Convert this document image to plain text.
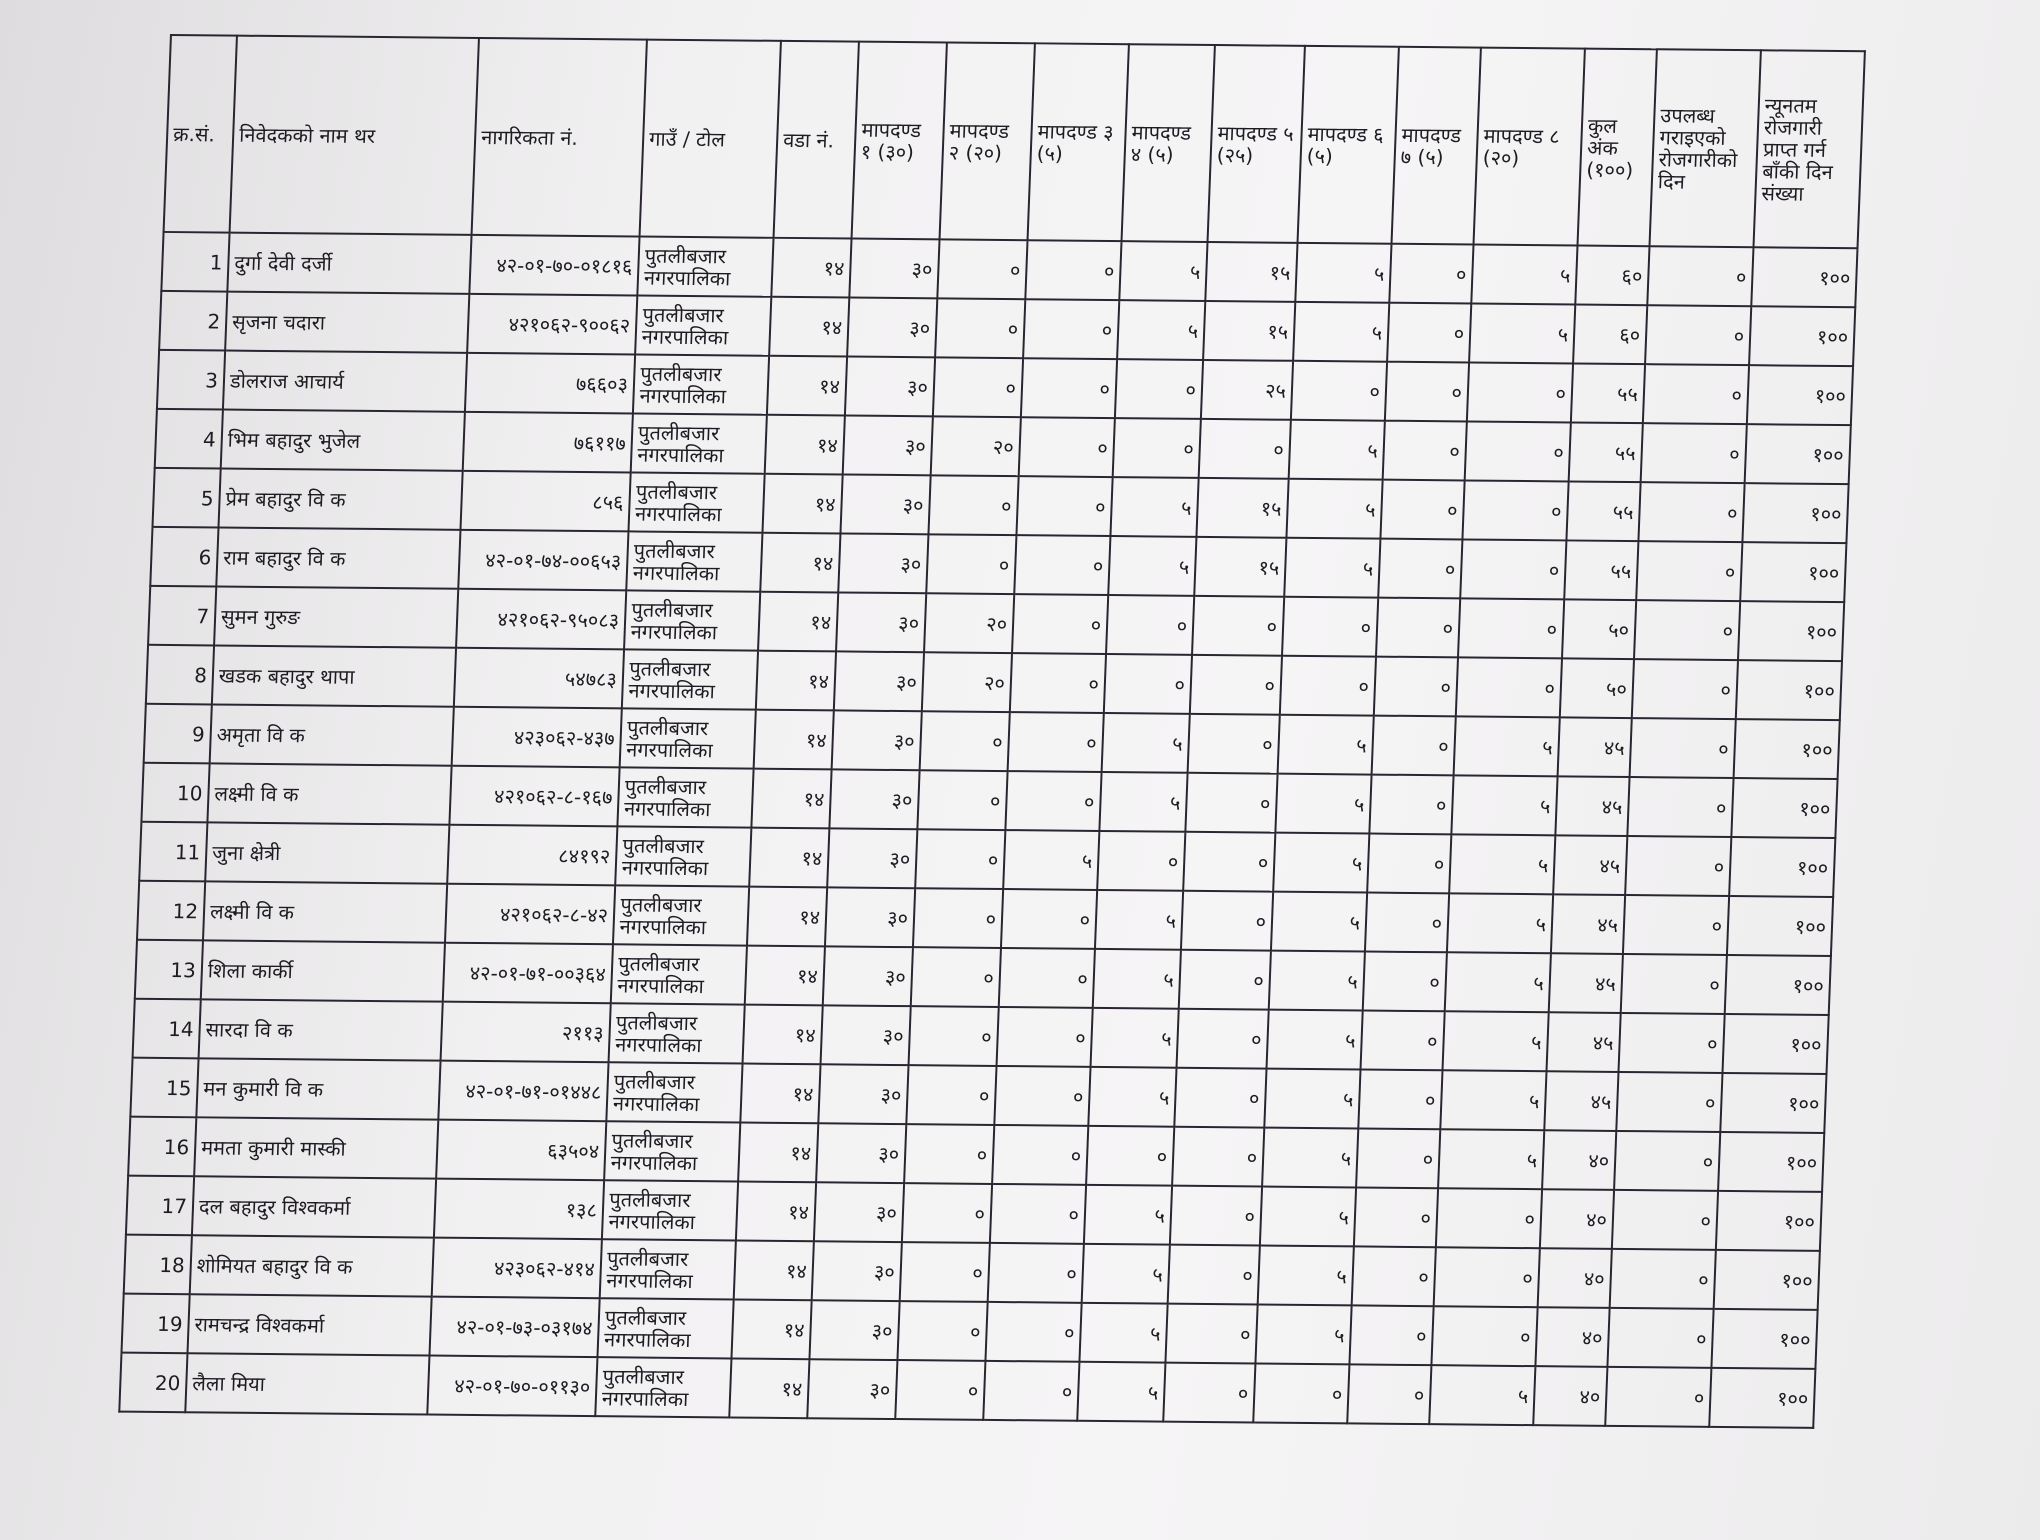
क्र.सं.	निवेदकको नाम थर	नागरिकता नं.	गाउँ / टोल	वडा नं.	मापदण्ड १ (३०)	मापदण्ड २ (२०)	मापदण्ड ३ (५)	मापदण्ड ४ (५)	मापदण्ड ५ (२५)	मापदण्ड ६ (५)	मापदण्ड ७ (५)	मापदण्ड ८ (२०)	कुल अंक (१००)	उपलब्ध गराइएको रोजगारीको दिन	न्यूनतम रोजगारी प्राप्त गर्न बाँकी दिन संख्या
1	दुर्गा देवी दर्जी	४२-०१-७०-०१८१६	पुतलीबजार
नगरपालिका	१४	३०	०	०	५	१५	५	०	५	६०	०	१००
2	सृजना चदारा	४२१०६२-९००६२	पुतलीबजार
नगरपालिका	१४	३०	०	०	५	१५	५	०	५	६०	०	१००
3	डोलराज आचार्य	७६६०३	पुतलीबजार
नगरपालिका	१४	३०	०	०	०	२५	०	०	०	५५	०	१००
4	भिम बहादुर भुजेल	७६११७	पुतलीबजार
नगरपालिका	१४	३०	२०	०	०	०	५	०	०	५५	०	१००
5	प्रेम बहादुर वि क	८५६	पुतलीबजार
नगरपालिका	१४	३०	०	०	५	१५	५	०	०	५५	०	१००
6	राम बहादुर वि क	४२-०१-७४-००६५३	पुतलीबजार
नगरपालिका	१४	३०	०	०	५	१५	५	०	०	५५	०	१००
7	सुमन गुरुङ	४२१०६२-९५०८३	पुतलीबजार
नगरपालिका	१४	३०	२०	०	०	०	०	०	०	५०	०	१००
8	खडक बहादुर थापा	५४७८३	पुतलीबजार
नगरपालिका	१४	३०	२०	०	०	०	०	०	०	५०	०	१००
9	अमृता वि क	४२३०६२-४३७	पुतलीबजार
नगरपालिका	१४	३०	०	०	५	०	५	०	५	४५	०	१००
10	लक्ष्मी वि क	४२१०६२-८-१६७	पुतलीबजार
नगरपालिका	१४	३०	०	०	५	०	५	०	५	४५	०	१००
11	जुना क्षेत्री	८४१९२	पुतलीबजार
नगरपालिका	१४	३०	०	५	०	०	५	०	५	४५	०	१००
12	लक्ष्मी वि क	४२१०६२-८-४२	पुतलीबजार
नगरपालिका	१४	३०	०	०	५	०	५	०	५	४५	०	१००
13	शिला कार्की	४२-०१-७१-००३६४	पुतलीबजार
नगरपालिका	१४	३०	०	०	५	०	५	०	५	४५	०	१००
14	सारदा वि क	२११३	पुतलीबजार
नगरपालिका	१४	३०	०	०	५	०	५	०	५	४५	०	१००
15	मन कुमारी वि क	४२-०१-७१-०१४४८	पुतलीबजार
नगरपालिका	१४	३०	०	०	५	०	५	०	५	४५	०	१००
16	ममता कुमारी मास्की	६३५०४	पुतलीबजार
नगरपालिका	१४	३०	०	०	०	०	५	०	५	४०	०	१००
17	दल बहादुर विश्वकर्मा	१३८	पुतलीबजार
नगरपालिका	१४	३०	०	०	५	०	५	०	०	४०	०	१००
18	शोमियत बहादुर वि क	४२३०६२-४१४	पुतलीबजार
नगरपालिका	१४	३०	०	०	५	०	५	०	०	४०	०	१००
19	रामचन्द्र विश्वकर्मा	४२-०१-७३-०३१७४	पुतलीबजार
नगरपालिका	१४	३०	०	०	५	०	५	०	०	४०	०	१००
20	लैला मिया	४२-०१-७०-०११३०	पुतलीबजार
नगरपालिका	१४	३०	०	०	५	०	०	०	५	४०	०	१००
